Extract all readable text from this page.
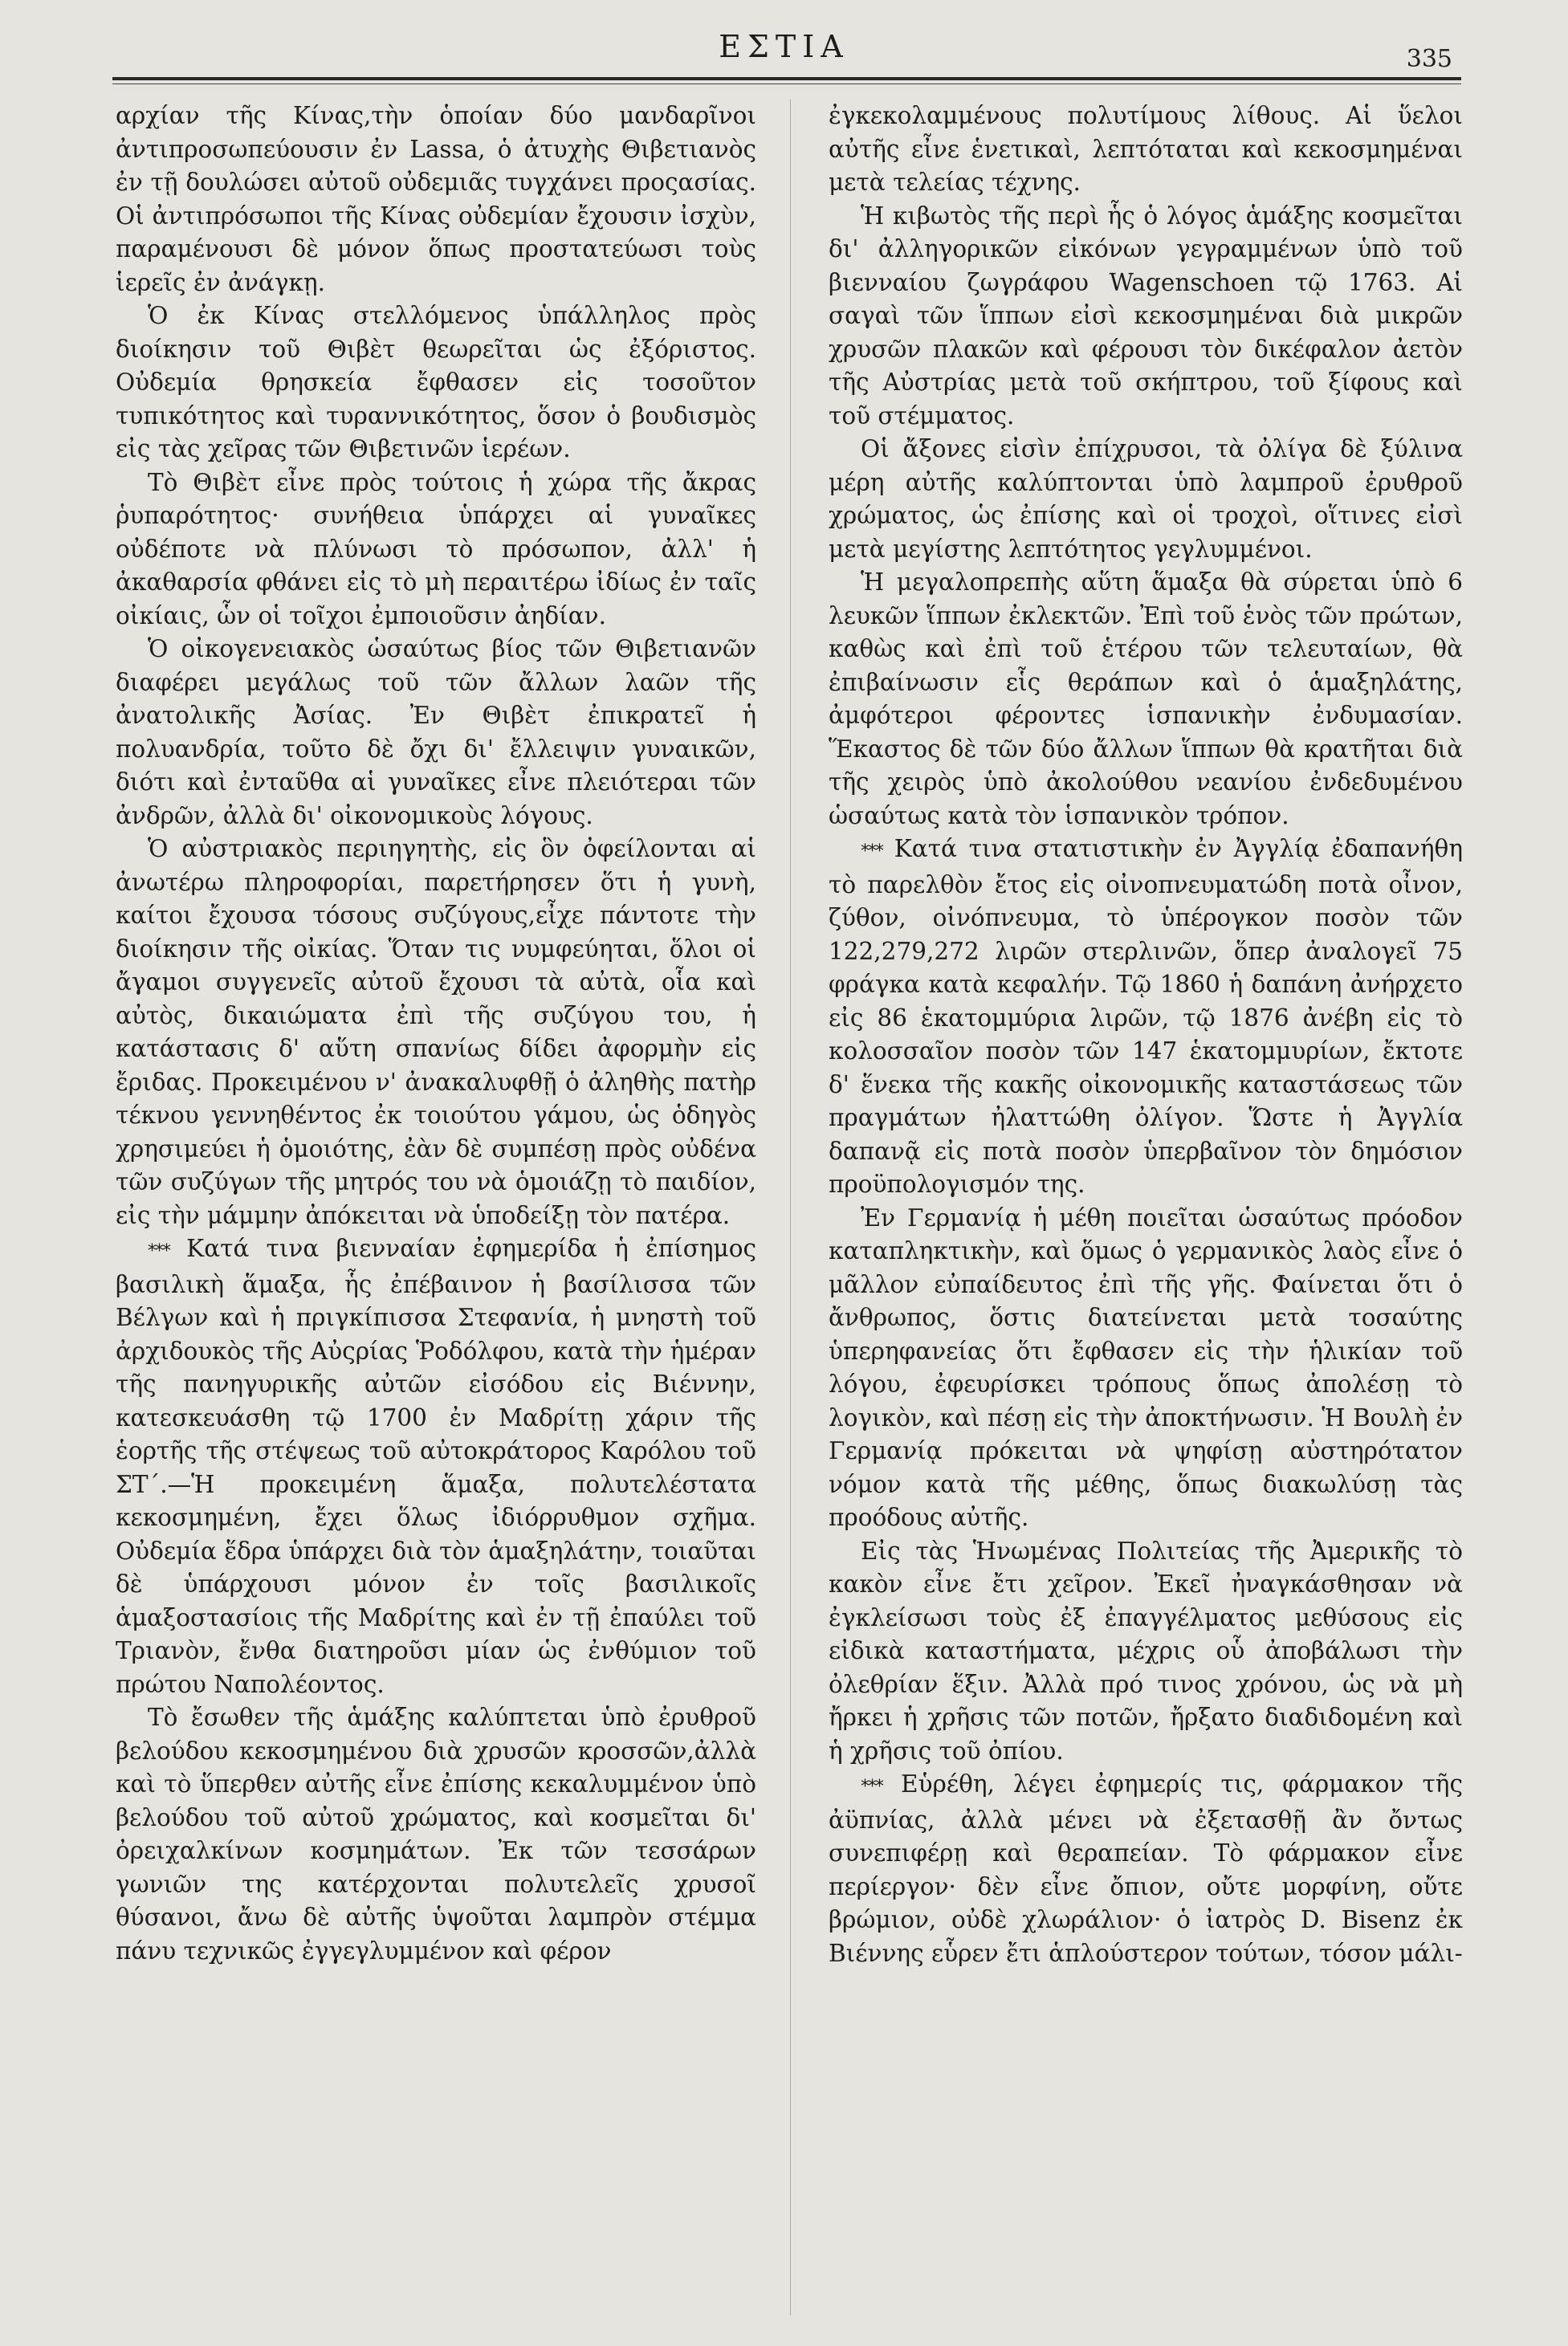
ΕΣΤΙΑ	335

αρχίαν τῆς Κίνας,τὴν ὁποίαν δύο μανδαρῖνοι ἀντιπροσωπεύουσιν ἐν Lassa, ὁ ἀτυχὴς Θιβετιανὸς ἐν τῇ δουλώσει αὐτοῦ οὐδεμιᾶς τυγχάνει προςασίας. Οἱ ἀντιπρόσωποι τῆς Κίνας οὐδεμίαν ἔχουσιν ἰσχὺν, παραμένουσι δὲ μόνον ὅπως προστατεύωσι τοὺς ἱερεῖς ἐν ἀνάγκῃ.

Ὁ ἐκ Κίνας στελλόμενος ὑπάλληλος πρὸς διοίκησιν τοῦ Θιβὲτ θεωρεῖται ὡς ἐξόριστος. Οὐδεμία θρησκεία ἔφθασεν εἰς τοσοῦτον τυπικότητος καὶ τυραννικότητος, ὅσον ὁ βουδισμὸς εἰς τὰς χεῖρας τῶν Θιβετινῶν ἱερέων.

Τὸ Θιβὲτ εἶνε πρὸς τούτοις ἡ χώρα τῆς ἄκρας ῥυπαρότητος· συνήθεια ὑπάρχει αἱ γυναῖκες οὐδέποτε νὰ πλύνωσι τὸ πρόσωπον, ἀλλ' ἡ ἀκαθαρσία φθάνει εἰς τὸ μὴ περαιτέρω ἰδίως ἐν ταῖς οἰκίαις, ὧν οἱ τοῖχοι ἐμποιοῦσιν ἀηδίαν.

Ὁ οἰκογενειακὸς ὡσαύτως βίος τῶν Θιβετιανῶν διαφέρει μεγάλως τοῦ τῶν ἄλλων λαῶν τῆς ἀνατολικῆς Ἀσίας. Ἐν Θιβὲτ ἐπικρατεῖ ἡ πολυανδρία, τοῦτο δὲ ὄχι δι' ἔλλειψιν γυναικῶν, διότι καὶ ἐνταῦθα αἱ γυναῖκες εἶνε πλειότεραι τῶν ἀνδρῶν, ἀλλὰ δι' οἰκονομικοὺς λόγους.

Ὁ αὐστριακὸς περιηγητὴς, εἰς ὃν ὀφείλονται αἱ ἀνωτέρω πληροφορίαι, παρετήρησεν ὅτι ἡ γυνὴ, καίτοι ἔχουσα τόσους συζύγους,εἶχε πάντοτε τὴν διοίκησιν τῆς οἰκίας. Ὅταν τις νυμφεύηται, ὅλοι οἱ ἄγαμοι συγγενεῖς αὐτοῦ ἔχουσι τὰ αὐτὰ, οἷα καὶ αὐτὸς, δικαιώματα ἐπὶ τῆς συζύγου του, ἡ κατάστασις δ' αὕτη σπανίως δίδει ἀφορμὴν εἰς ἔριδας. Προκειμένου ν' ἀνακαλυφθῇ ὁ ἀληθὴς πατὴρ τέκνου γεννηθέντος ἐκ τοιούτου γάμου, ὡς ὁδηγὸς χρησιμεύει ἡ ὁμοιότης, ἐὰν δὲ συμπέσῃ πρὸς οὐδένα τῶν συζύγων τῆς μητρός του νὰ ὁμοιάζῃ τὸ παιδίον, εἰς τὴν μάμμην ἀπόκειται νὰ ὑποδείξῃ τὸν πατέρα.

*** Κατά τινα βιενναίαν ἐφημερίδα ἡ ἐπίσημος βασιλικὴ ἅμαξα, ἧς ἐπέβαινον ἡ βασίλισσα τῶν Βέλγων καὶ ἡ πριγκίπισσα Στεφανία, ἡ μνηστὴ τοῦ ἀρχιδουκὸς τῆς Αὐςρίας Ῥοδόλφου, κατὰ τὴν ἡμέραν τῆς πανηγυρικῆς αὐτῶν εἰσόδου εἰς Βιέννην, κατεσκευάσθη τῷ 1700 ἐν Μαδρίτῃ χάριν τῆς ἑορτῆς τῆς στέψεως τοῦ αὐτοκράτορος Καρόλου τοῦ ΣΤ΄.—Ἡ προκειμένη ἅμαξα, πολυτελέστατα κεκοσμημένη, ἔχει ὅλως ἰδιόρρυθμον σχῆμα. Οὐδεμία ἕδρα ὑπάρχει διὰ τὸν ἁμαξηλάτην, τοιαῦται δὲ ὑπάρχουσι μόνον ἐν τοῖς βασιλικοῖς ἁμαξοστασίοις τῆς Μαδρίτης καὶ ἐν τῇ ἐπαύλει τοῦ Τριανὸν, ἔνθα διατηροῦσι μίαν ὡς ἐνθύμιον τοῦ πρώτου Ναπολέοντος.

Τὸ ἔσωθεν τῆς ἁμάξης καλύπτεται ὑπὸ ἐρυθροῦ βελούδου κεκοσμημένου διὰ χρυσῶν κροσσῶν,ἀλλὰ καὶ τὸ ὕπερθεν αὐτῆς εἶνε ἐπίσης κεκαλυμμένον ὑπὸ βελούδου τοῦ αὐτοῦ χρώματος, καὶ κοσμεῖται δι' ὀρειχαλκίνων κοσμημάτων. Ἐκ τῶν τεσσάρων γωνιῶν της κατέρχονται πολυτελεῖς χρυσοῖ θύσανοι, ἄνω δὲ αὐτῆς ὑψοῦται λαμπρὸν στέμμα πάνυ τεχνικῶς ἐγγεγλυμμένον καὶ φέρον

ἐγκεκολαμμένους πολυτίμους λίθους. Αἱ ὕελοι αὐτῆς εἶνε ἑνετικαὶ, λεπτόταται καὶ κεκοσμημέναι μετὰ τελείας τέχνης.

Ἡ κιβωτὸς τῆς περὶ ἧς ὁ λόγος ἁμάξης κοσμεῖται δι' ἀλληγορικῶν εἰκόνων γεγραμμένων ὑπὸ τοῦ βιενναίου ζωγράφου Wagenschoen τῷ 1763. Αἱ σαγαὶ τῶν ἵππων εἰσὶ κεκοσμημέναι διὰ μικρῶν χρυσῶν πλακῶν καὶ φέρουσι τὸν δικέφαλον ἀετὸν τῆς Αὐστρίας μετὰ τοῦ σκήπτρου, τοῦ ξίφους καὶ τοῦ στέμματος.

Οἱ ἄξονες εἰσὶν ἐπίχρυσοι, τὰ ὀλίγα δὲ ξύλινα μέρη αὐτῆς καλύπτονται ὑπὸ λαμπροῦ ἐρυθροῦ χρώματος, ὡς ἐπίσης καὶ οἱ τροχοὶ, οἵτινες εἰσὶ μετὰ μεγίστης λεπτότητος γεγλυμμένοι.

Ἡ μεγαλοπρεπὴς αὕτη ἅμαξα θὰ σύρεται ὑπὸ 6 λευκῶν ἵππων ἐκλεκτῶν. Ἐπὶ τοῦ ἑνὸς τῶν πρώτων, καθὼς καὶ ἐπὶ τοῦ ἑτέρου τῶν τελευταίων, θὰ ἐπιβαίνωσιν εἷς θεράπων καὶ ὁ ἁμαξηλάτης, ἀμφότεροι φέροντες ἱσπανικὴν ἐνδυμασίαν. Ἕκαστος δὲ τῶν δύο ἄλλων ἵππων θὰ κρατῆται διὰ τῆς χειρὸς ὑπὸ ἀκολούθου νεανίου ἐνδεδυμένου ὡσαύτως κατὰ τὸν ἱσπανικὸν τρόπον.

*** Κατά τινα στατιστικὴν ἐν Ἀγγλίᾳ ἐδαπανήθη τὸ παρελθὸν ἔτος εἰς οἰνοπνευματώδη ποτὰ οἶνον, ζύθον, οἰνόπνευμα, τὸ ὑπέρογκον ποσὸν τῶν 122,279,272 λιρῶν στερλινῶν, ὅπερ ἀναλογεῖ 75 φράγκα κατὰ κεφαλήν. Τῷ 1860 ἡ δαπάνη ἀνήρχετο εἰς 86 ἑκατομμύρια λιρῶν, τῷ 1876 ἀνέβη εἰς τὸ κολοσσαῖον ποσὸν τῶν 147 ἑκατομμυρίων, ἔκτοτε δ' ἕνεκα τῆς κακῆς οἰκονομικῆς καταστάσεως τῶν πραγμάτων ἠλαττώθη ὀλίγον. Ὥστε ἡ Ἀγγλία δαπανᾷ εἰς ποτὰ ποσὸν ὑπερβαῖνον τὸν δημόσιον προϋπολογισμόν της.

Ἐν Γερμανίᾳ ἡ μέθη ποιεῖται ὡσαύτως πρόοδον καταπληκτικὴν, καὶ ὅμως ὁ γερμανικὸς λαὸς εἶνε ὁ μᾶλλον εὐπαίδευτος ἐπὶ τῆς γῆς. Φαίνεται ὅτι ὁ ἄνθρωπος, ὅστις διατείνεται μετὰ τοσαύτης ὑπερηφανείας ὅτι ἔφθασεν εἰς τὴν ἡλικίαν τοῦ λόγου, ἐφευρίσκει τρόπους ὅπως ἀπολέσῃ τὸ λογικὸν, καὶ πέσῃ εἰς τὴν ἀποκτήνωσιν. Ἡ Βουλὴ ἐν Γερμανίᾳ πρόκειται νὰ ψηφίσῃ αὐστηρότατον νόμον κατὰ τῆς μέθης, ὅπως διακωλύσῃ τὰς προόδους αὐτῆς.

Εἰς τὰς Ἡνωμένας Πολιτείας τῆς Ἀμερικῆς τὸ κακὸν εἶνε ἔτι χεῖρον. Ἐκεῖ ἠναγκάσθησαν νὰ ἐγκλείσωσι τοὺς ἐξ ἐπαγγέλματος μεθύσους εἰς εἰδικὰ καταστήματα, μέχρις οὗ ἀποβάλωσι τὴν ὀλεθρίαν ἕξιν. Ἀλλὰ πρό τινος χρόνου, ὡς νὰ μὴ ἤρκει ἡ χρῆσις τῶν ποτῶν, ἤρξατο διαδιδομένη καὶ ἡ χρῆσις τοῦ ὀπίου.

*** Εὑρέθη, λέγει ἐφημερίς τις, φάρμακον τῆς ἀϋπνίας, ἀλλὰ μένει νὰ ἐξετασθῇ ἂν ὄντως συνεπιφέρῃ καὶ θεραπείαν. Τὸ φάρμακον εἶνε περίεργον· δὲν εἶνε ὄπιον, οὔτε μορφίνη, οὔτε βρώμιον, οὐδὲ χλωράλιον· ὁ ἰατρὸς D. Bisenz ἐκ Βιέννης εὗρεν ἔτι ἁπλούστερον τούτων, τόσον μάλι-
